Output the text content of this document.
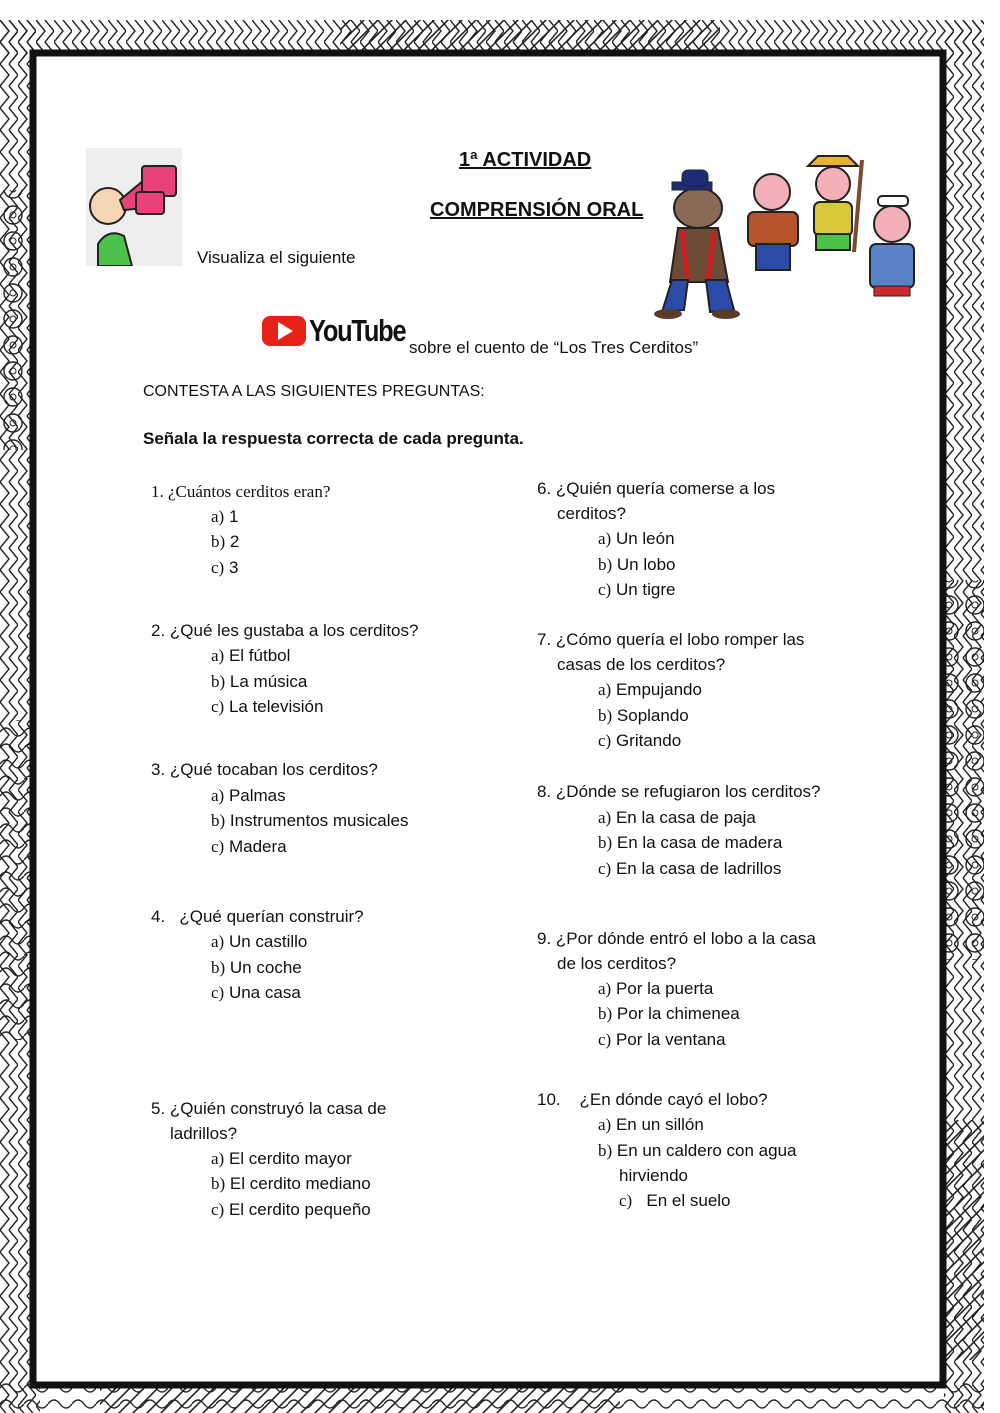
1ª ACTIVIDAD
COMPRENSIÓN ORAL
Visualiza el siguiente
YouTube sobre el cuento de “Los Tres Cerditos”
CONTESTA A LAS SIGUIENTES PREGUNTAS:
Señala la respuesta correcta de cada pregunta.
1. ¿Cuántos cerditos eran?
a) 1
b) 2
c) 3
2. ¿Qué les gustaba a los cerditos?
a) El fútbol
b) La música
c) La televisión
3. ¿Qué tocaban los cerditos?
a) Palmas
b) Instrumentos musicales
c) Madera
4. ¿Qué querían construir?
a) Un castillo
b) Un coche
c) Una casa
5. ¿Quién construyó la casa de
ladrillos?
a) El cerdito mayor
b) El cerdito mediano
c) El cerdito pequeño
6. ¿Quién quería comerse a los
cerditos?
a) Un león
b) Un lobo
c) Un tigre
7. ¿Cómo quería el lobo romper las
casas de los cerditos?
a) Empujando
b) Soplando
c) Gritando
8. ¿Dónde se refugiaron los cerditos?
a) En la casa de paja
b) En la casa de madera
c) En la casa de ladrillos
9. ¿Por dónde entró el lobo a la casa
de los cerditos?
a) Por la puerta
b) Por la chimenea
c) Por la ventana
10. ¿En dónde cayó el lobo?
a) En un sillón
b) En un caldero con agua
hirviendo
c) En el suelo
